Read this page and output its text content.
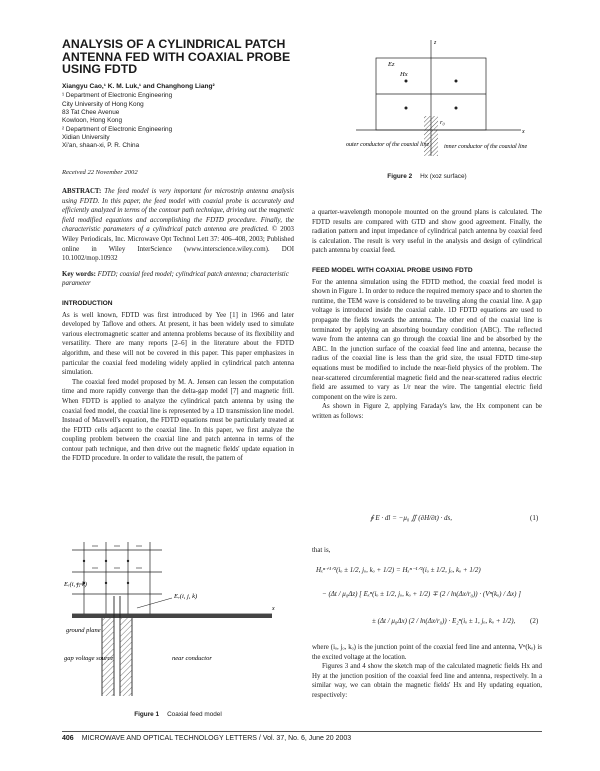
ANALYSIS OF A CYLINDRICAL PATCH ANTENNA FED WITH COAXIAL PROBE USING FDTD
Xiangyu Cao,¹ K. M. Luk,¹ and Changhong Liang²
¹ Department of Electronic Engineering
City University of Hong Kong
83 Tat Chee Avenue
Kowloon, Hong Kong
² Department of Electronic Engineering
Xidian University
Xi'an, shaan-xi, P. R. China
Received 22 November 2002
ABSTRACT: The feed model is very important for microstrip antenna analysis using FDTD. In this paper, the feed model with coaxial probe is accurately and efficiently analyzed in terms of the contour path technique, driving out the magnetic field modified equations and accomplishing the FDTD procedure. Finally, the characteristic parameters of a cylindrical patch antenna are predicted. © 2003 Wiley Periodicals, Inc. Microwave Opt Technol Lett 37: 406–408, 2003; Published online in Wiley InterScience (www.interscience.wiley.com). DOI 10.1002/mop.10932
Key words: FDTD; coaxial feed model; cylindrical patch antenna; characteristic parameter
INTRODUCTION

As is well known, FDTD was first introduced by Yee [1] in 1966 and later developed by Taflove and others. At present, it has been widely used to simulate various electromagnetic scatter and antenna problems because of its flexibility and versatility. There are many reports [2–6] in the literature about the FDTD algorithm, and these will not be covered in this paper. This paper emphasizes in particular the coaxial feed modeling widely applied in cylindrical patch antenna simulation.

The coaxial feed model proposed by M. A. Jensen can lessen the computation time and more rapidly converge than the delta-gap model [7] and magnetic frill. When FDTD is applied to analyze the cylindrical patch antenna by using the coaxial feed model, the coaxial line is represented by a 1D transmission line model. Instead of Maxwell's equation, the FDTD equations must be particularly treated at the FDTD cells adjacent to the coaxial line. In this paper, we first analyze the coupling problem between the coaxial line and patch antenna in terms of the contour path technique, and then drive out the magnetic fields' update equation in the FDTD procedure. In order to validate the result, the pattern of

Eᵣ(i, j, k)
Eᵥ(i, j, k)
ground plane
gap voltage source	near conductor
x
Figure 1 Coaxial feed model
Hx
Ez
r₀
z
x
outer conductor of the coaxial line inner conductor of the coaxial line
Figure 2 Hx (xoz surface)

a quarter-wavelength monopole mounted on the ground plans is calculated. The FDTD results are compared with GTD and show good agreement. Finally, the radiation pattern and input impedance of cylindrical patch antenna by coaxial feed is calculation. The result is very useful in the analysis and design of cylindrical patch antenna by coaxial feed.

FEED MODEL WITH COAXIAL PROBE USING FDTD

For the antenna simulation using the FDTD method, the coaxial feed model is shown in Figure 1. In order to reduce the required memory space and to shorten the runtime, the TEM wave is considered to be traveling along the coaxial line. A gap voltage is introduced inside the coaxial cable. 1D FDTD equations are used to propagate the fields towards the antenna. The other end of the coaxial line is terminated by applying an absorbing boundary condition (ABC). The reflected wave from the antenna can go through the coaxial line and be absorbed by the ABC. In the junction surface of the coaxial feed line and antenna, because the radius of the coaxial line is less than the grid size, the usual FDTD time-step equations must be modified to include the near-field physics of the problem. The near-scattered circumferential magnetic field and the near-scattered radius electric field are assumed to vary as 1/r near the wire. The tangential electric field component on the wire is zero.

As shown in Figure 2, applying Faraday's law, the Hx component can be written as follows:

∮ E · dl = −μ₀ ∬ (∂H/∂t) · ds,	(1)

that is,

Hₓⁿ⁺¹ᐟ²(iₒ ± 1/2, jₒ, kₒ + 1/2) = Hₓⁿ⁻¹ᐟ²(iₒ ± 1/2, jₒ, kₒ + 1/2)
− (Δt / μ₀Δz) [ Eₓⁿ(iₒ ± 1/2, jₒ, kₒ + 1/2) ∓ (2 / ln(Δx/r₀)) · (Vⁿ(kₒ) / Δx) ]
± (Δt / μ₀Δx) (2 / ln(Δx/r₀)) · E₂ⁿ(iₒ ± 1, jₒ, kₒ + 1/2), (2)

where (iₒ, jₒ, kₒ) is the junction point of the coaxial feed line and antenna, Vⁿ(kₒ) is the excited voltage at the location.

Figures 3 and 4 show the sketch map of the calculated magnetic fields Hx and Hy at the junction position of the coaxial feed line and antenna, respectively. In a similar way, we can obtain the magnetic fields' Hx and Hy updating equation, respectively:

406 MICROWAVE AND OPTICAL TECHNOLOGY LETTERS / Vol. 37, No. 6, June 20 2003
